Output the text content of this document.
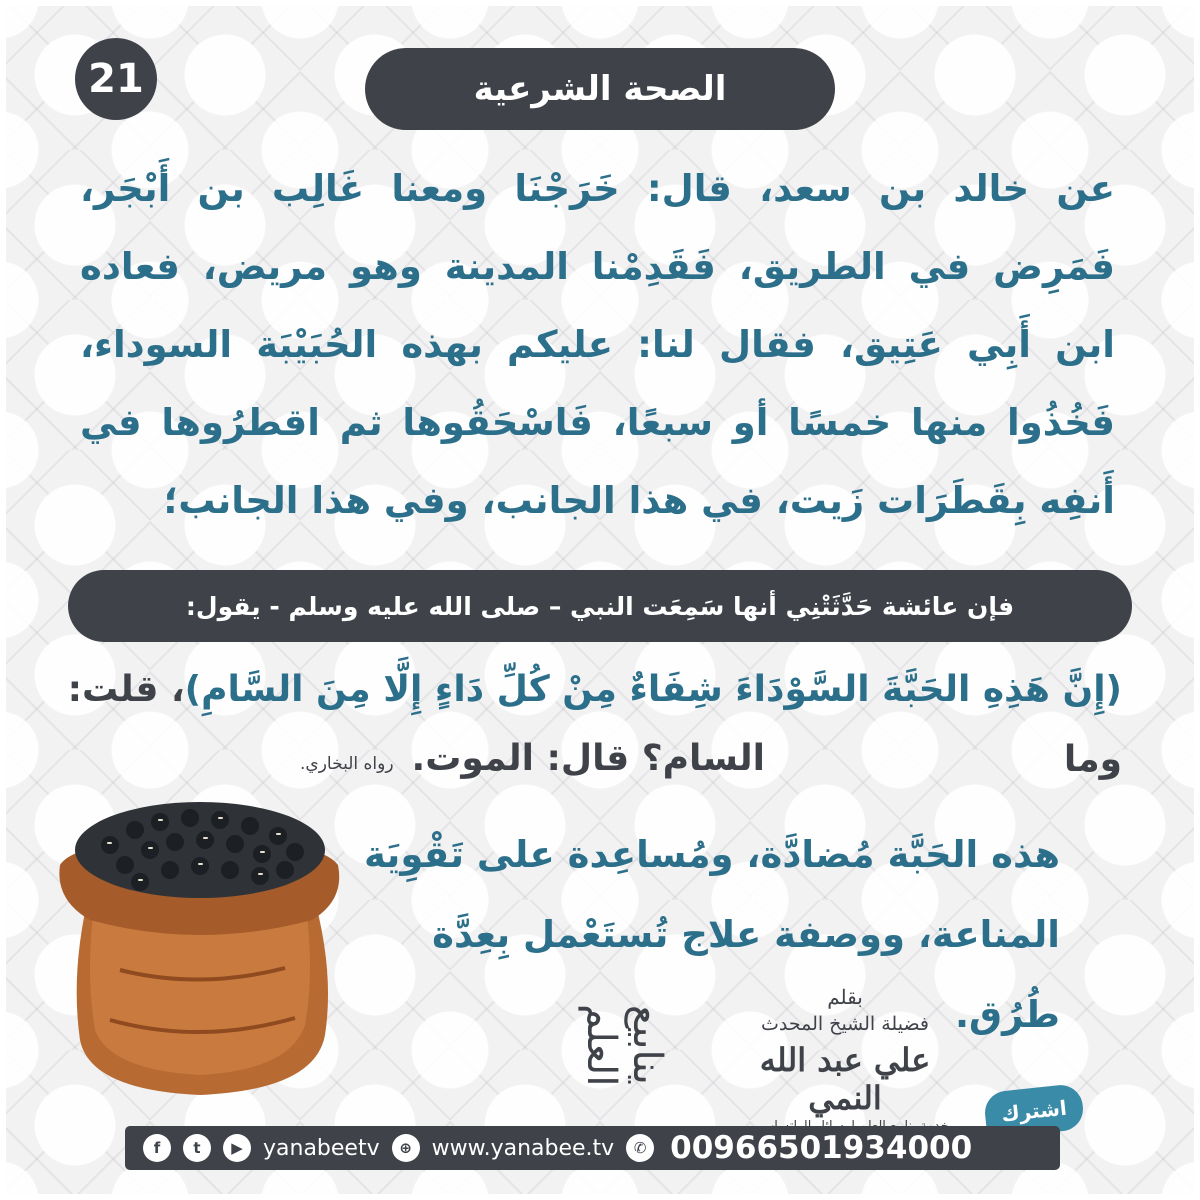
21	الصحة الشرعية
عن خالد بن سعد، قال: خَرَجْنَا ومعنا غَالِب بن أَبْجَر، فَمَرِض في الطريق، فَقَدِمْنا المدينة وهو مريض، فعاده ابن أَبِي عَتِيق، فقال لنا: عليكم بهذه الحُبَيْبَة السوداء، فَخُذُوا منها خمسًا أو سبعًا، فَاسْحَقُوها ثم اقطرُوها في أَنفِه بِقَطَرَات زَيت، في هذا الجانب، وفي هذا الجانب؛
فإن عائشة حَدَّثَتْنِي أنها سَمِعَت النبي – صلى الله عليه وسلم - يقول:
(إِنَّ هَذِهِ الحَبَّةَ السَّوْدَاءَ شِفَاءٌ مِنْ كُلِّ دَاءٍ إِلَّا مِنَ السَّامِ)، قلت: وما
السام؟ قال: الموت.
رواه البخاري.
هذه الحَبَّة مُضادَّة، ومُساعِدة على تَقْوِيَة المناعة، ووصفة علاج تُستَعْمل بِعِدَّة طُرُق.
ينابيع العلم
بقلم
فضيلة الشيخ المحدث
علي عبد الله النمي	اشترك
f	t	▶ yanabeetv	⊕ www.yanabee.tv	✆ 00966501934000
